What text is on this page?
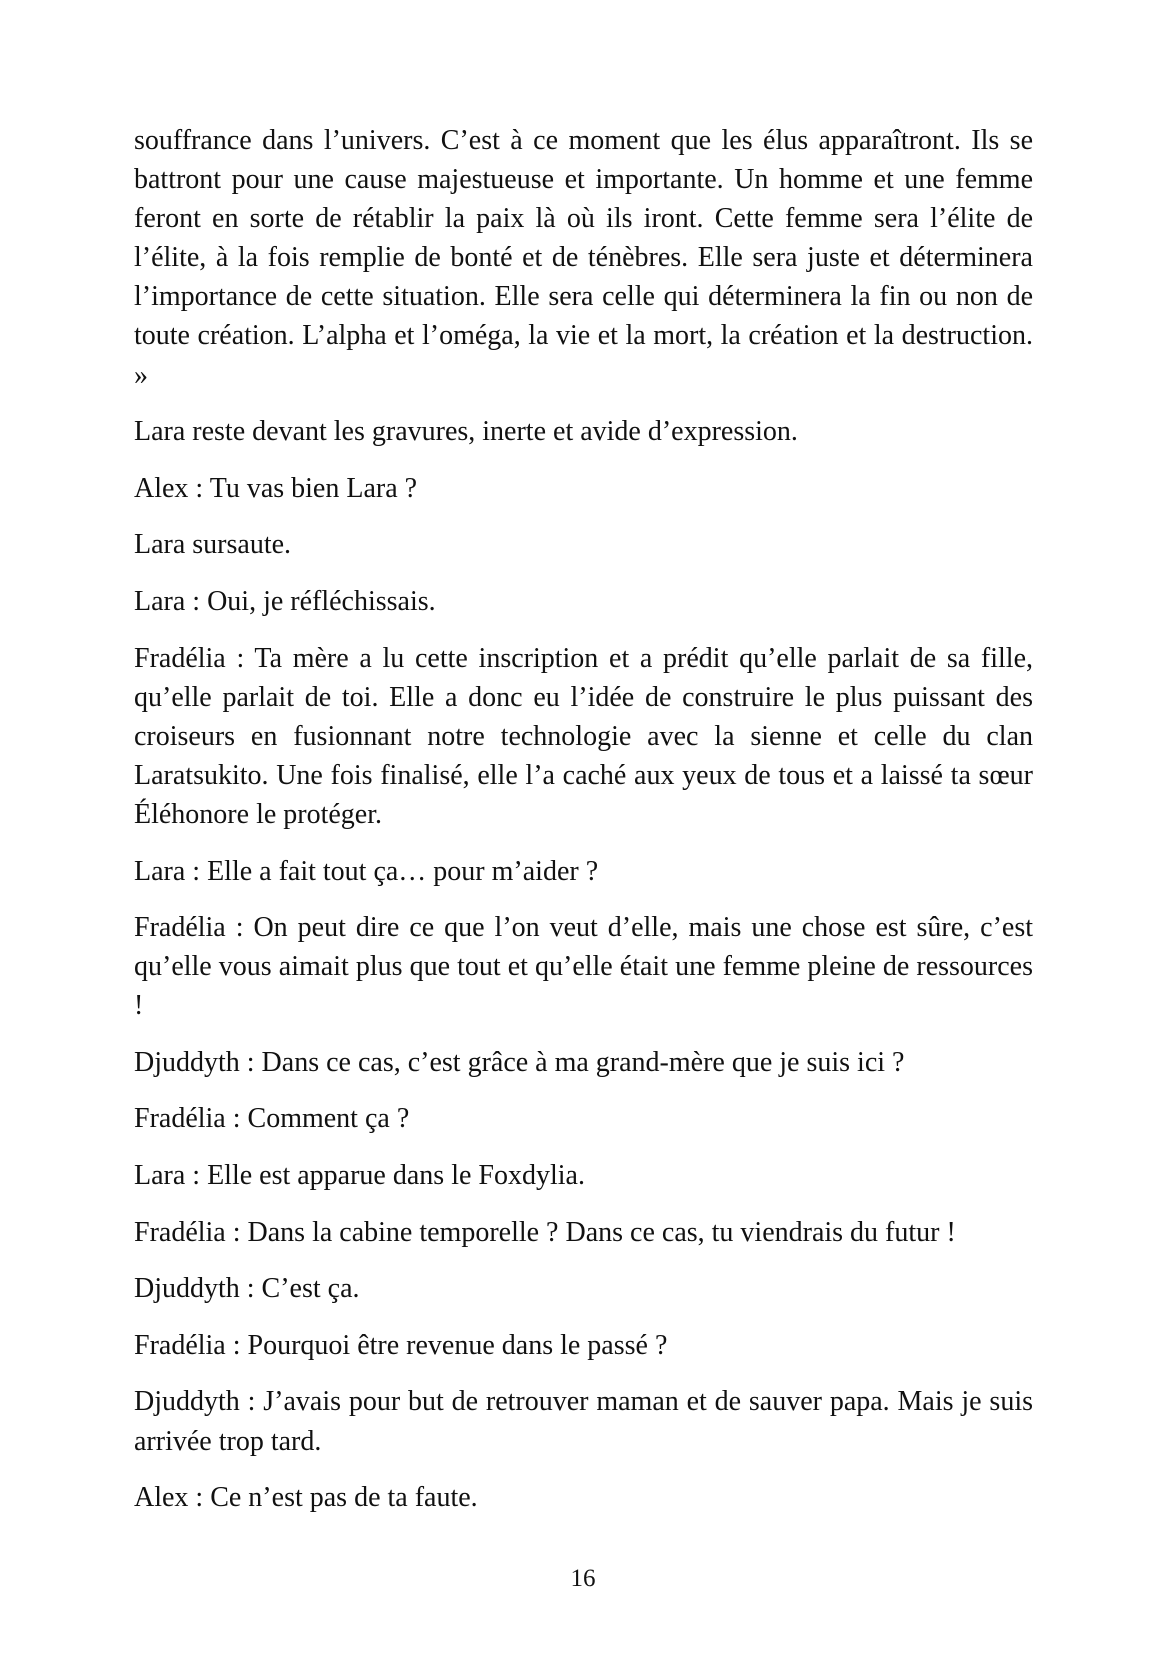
souffrance dans l’univers. C’est à ce moment que les élus apparaîtront. Ils se battront pour une cause majestueuse et importante. Un homme et une femme feront en sorte de rétablir la paix là où ils iront. Cette femme sera l’élite de l’élite, à la fois remplie de bonté et de ténèbres. Elle sera juste et déterminera l’importance de cette situation. Elle sera celle qui déterminera la fin ou non de toute création. L’alpha et l’oméga, la vie et la mort, la création et la destruction. »

Lara reste devant les gravures, inerte et avide d’expression.

Alex : Tu vas bien Lara ?

Lara sursaute.

Lara : Oui, je réfléchissais.

Fradélia : Ta mère a lu cette inscription et a prédit qu’elle parlait de sa fille, qu’elle parlait de toi. Elle a donc eu l’idée de construire le plus puissant des croiseurs en fusionnant notre technologie avec la sienne et celle du clan Laratsukito. Une fois finalisé, elle l’a caché aux yeux de tous et a laissé ta sœur Éléhonore le protéger.

Lara : Elle a fait tout ça… pour m’aider ?

Fradélia : On peut dire ce que l’on veut d’elle, mais une chose est sûre, c’est qu’elle vous aimait plus que tout et qu’elle était une femme pleine de ressources !

Djuddyth : Dans ce cas, c’est grâce à ma grand-mère que je suis ici ?

Fradélia : Comment ça ?

Lara : Elle est apparue dans le Foxdylia.

Fradélia : Dans la cabine temporelle ? Dans ce cas, tu viendrais du futur !

Djuddyth : C’est ça.

Fradélia : Pourquoi être revenue dans le passé ?

Djuddyth : J’avais pour but de retrouver maman et de sauver papa. Mais je suis arrivée trop tard.

Alex : Ce n’est pas de ta faute.

16
